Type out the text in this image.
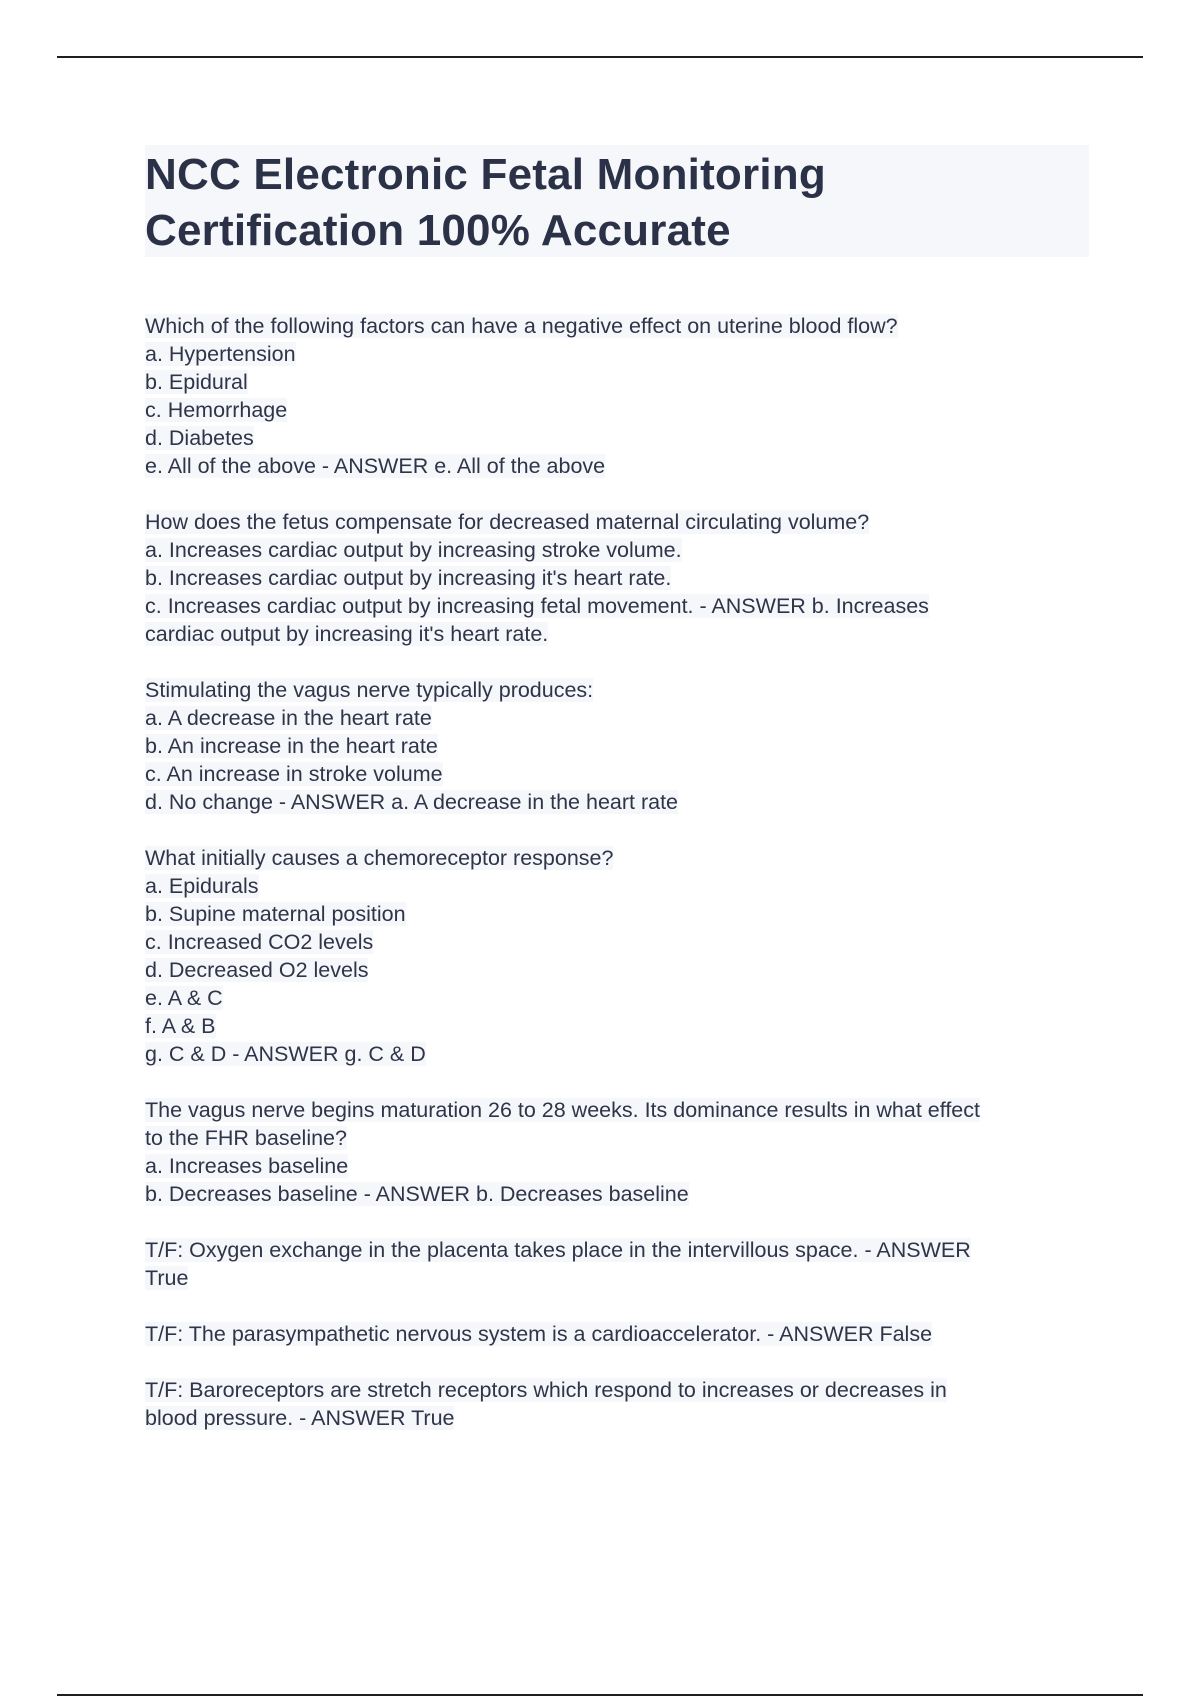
NCC Electronic Fetal Monitoring
Certification 100% Accurate
Which of the following factors can have a negative effect on uterine blood flow?
a. Hypertension
b. Epidural
c. Hemorrhage
d. Diabetes
e. All of the above - ANSWER e. All of the above
How does the fetus compensate for decreased maternal circulating volume?
a. Increases cardiac output by increasing stroke volume.
b. Increases cardiac output by increasing it's heart rate.
c. Increases cardiac output by increasing fetal movement. - ANSWER b. Increases
cardiac output by increasing it's heart rate.
Stimulating the vagus nerve typically produces:
a. A decrease in the heart rate
b. An increase in the heart rate
c. An increase in stroke volume
d. No change - ANSWER a. A decrease in the heart rate
What initially causes a chemoreceptor response?
a. Epidurals
b. Supine maternal position
c. Increased CO2 levels
d. Decreased O2 levels
e. A & C
f. A & B
g. C & D - ANSWER g. C & D
The vagus nerve begins maturation 26 to 28 weeks. Its dominance results in what effect
to the FHR baseline?
a. Increases baseline
b. Decreases baseline - ANSWER b. Decreases baseline
T/F: Oxygen exchange in the placenta takes place in the intervillous space. - ANSWER
True
T/F: The parasympathetic nervous system is a cardioaccelerator. - ANSWER False
T/F: Baroreceptors are stretch receptors which respond to increases or decreases in
blood pressure. - ANSWER True
